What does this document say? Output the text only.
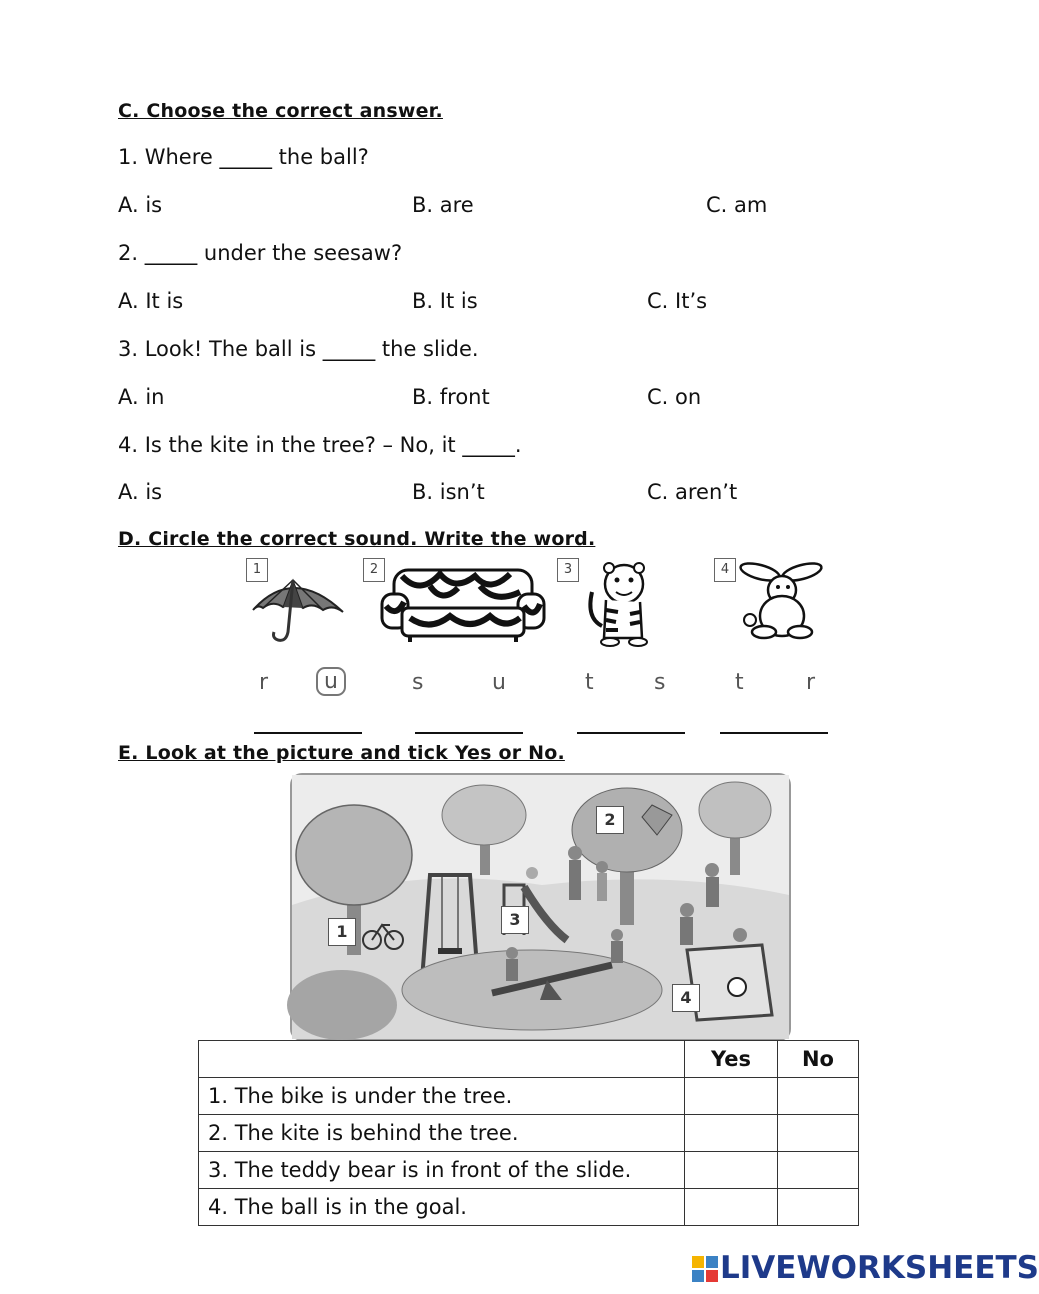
C. Choose the correct answer.
1. Where _____ the ball?
A. is	B. are	C. am
2. _____ under the seesaw?
A. It is	B. It is	C. It’s
3. Look! The ball is _____ the slide.
A. in	B. front	C. on
4. Is the kite in the tree? – No, it _____.
A. is	B. isn’t	C. aren’t
D. Circle the correct sound. Write the word.
1
r	u
2
s	u
3
t	s
4
t	r
E. Look at the picture and tick Yes or No.
1
2
3
4
	Yes	No
1. The bike is under the tree.		
2. The kite is behind the tree.		
3. The teddy bear is in front of the slide.		
4. The ball is in the goal.		
LIVEWORKSHEETS
